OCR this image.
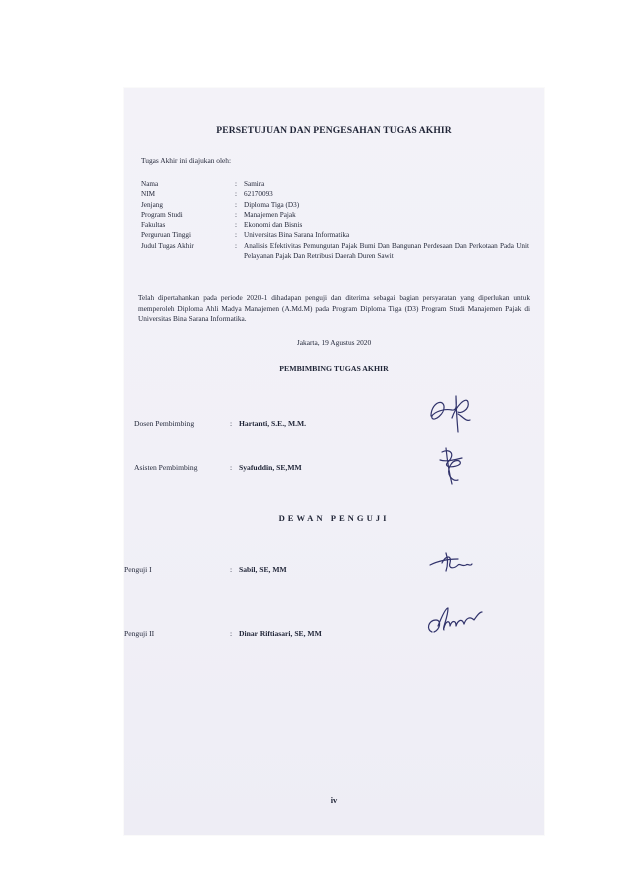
PERSETUJUAN DAN PENGESAHAN TUGAS AKHIR
Tugas Akhir ini diajukan oleh:
Nama	: Samira
NIM	: 62170093
Jenjang	: Diploma Tiga (D3)
Program Studi	: Manajemen Pajak
Fakultas	: Ekonomi dan Bisnis
Perguruan Tinggi	: Universitas Bina Sarana Informatika
Judul Tugas Akhir	: Analisis Efektivitas Pemungutan Pajak Bumi Dan Bangunan Perdesaan Dan Perkotaan Pada Unit Pelayanan Pajak Dan Retribusi Daerah Duren Sawit
Telah dipertahankan pada periode 2020-1 dihadapan penguji dan diterima sebagai bagian persyaratan yang diperlukan untuk memperoleh Diploma Ahli Madya Manajemen (A.Md.M) pada Program Diploma Tiga (D3) Program Studi Manajemen Pajak di Universitas Bina Sarana Informatika.
Jakarta, 19 Agustus 2020
PEMBIMBING TUGAS AKHIR
Dosen Pembimbing	: Hartanti, S.E., M.M.
Asisten Pembimbing	: Syafuddin, SE,MM
DEWAN PENGUJI
Penguji I	: Sabil, SE, MM
Penguji II	: Dinar Riftiasari, SE, MM
iv
